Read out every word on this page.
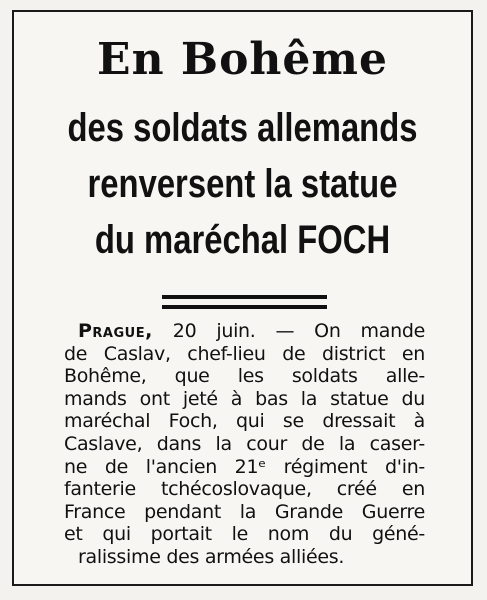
En Bohême
des soldats allemands
renversent la statue
du maréchal FOCH
Prague, 20 juin. — On mande
de Caslav, chef-lieu de district en
Bohême, que les soldats alle-
mands ont jeté à bas la statue du
maréchal Foch, qui se dressait à
Caslave, dans la cour de la caser-
ne de l'ancien 21ᵉ régiment d'in-
fanterie tchécoslovaque, créé en
France pendant la Grande Guerre
et qui portait le nom du géné-
ralissime des armées alliées.
